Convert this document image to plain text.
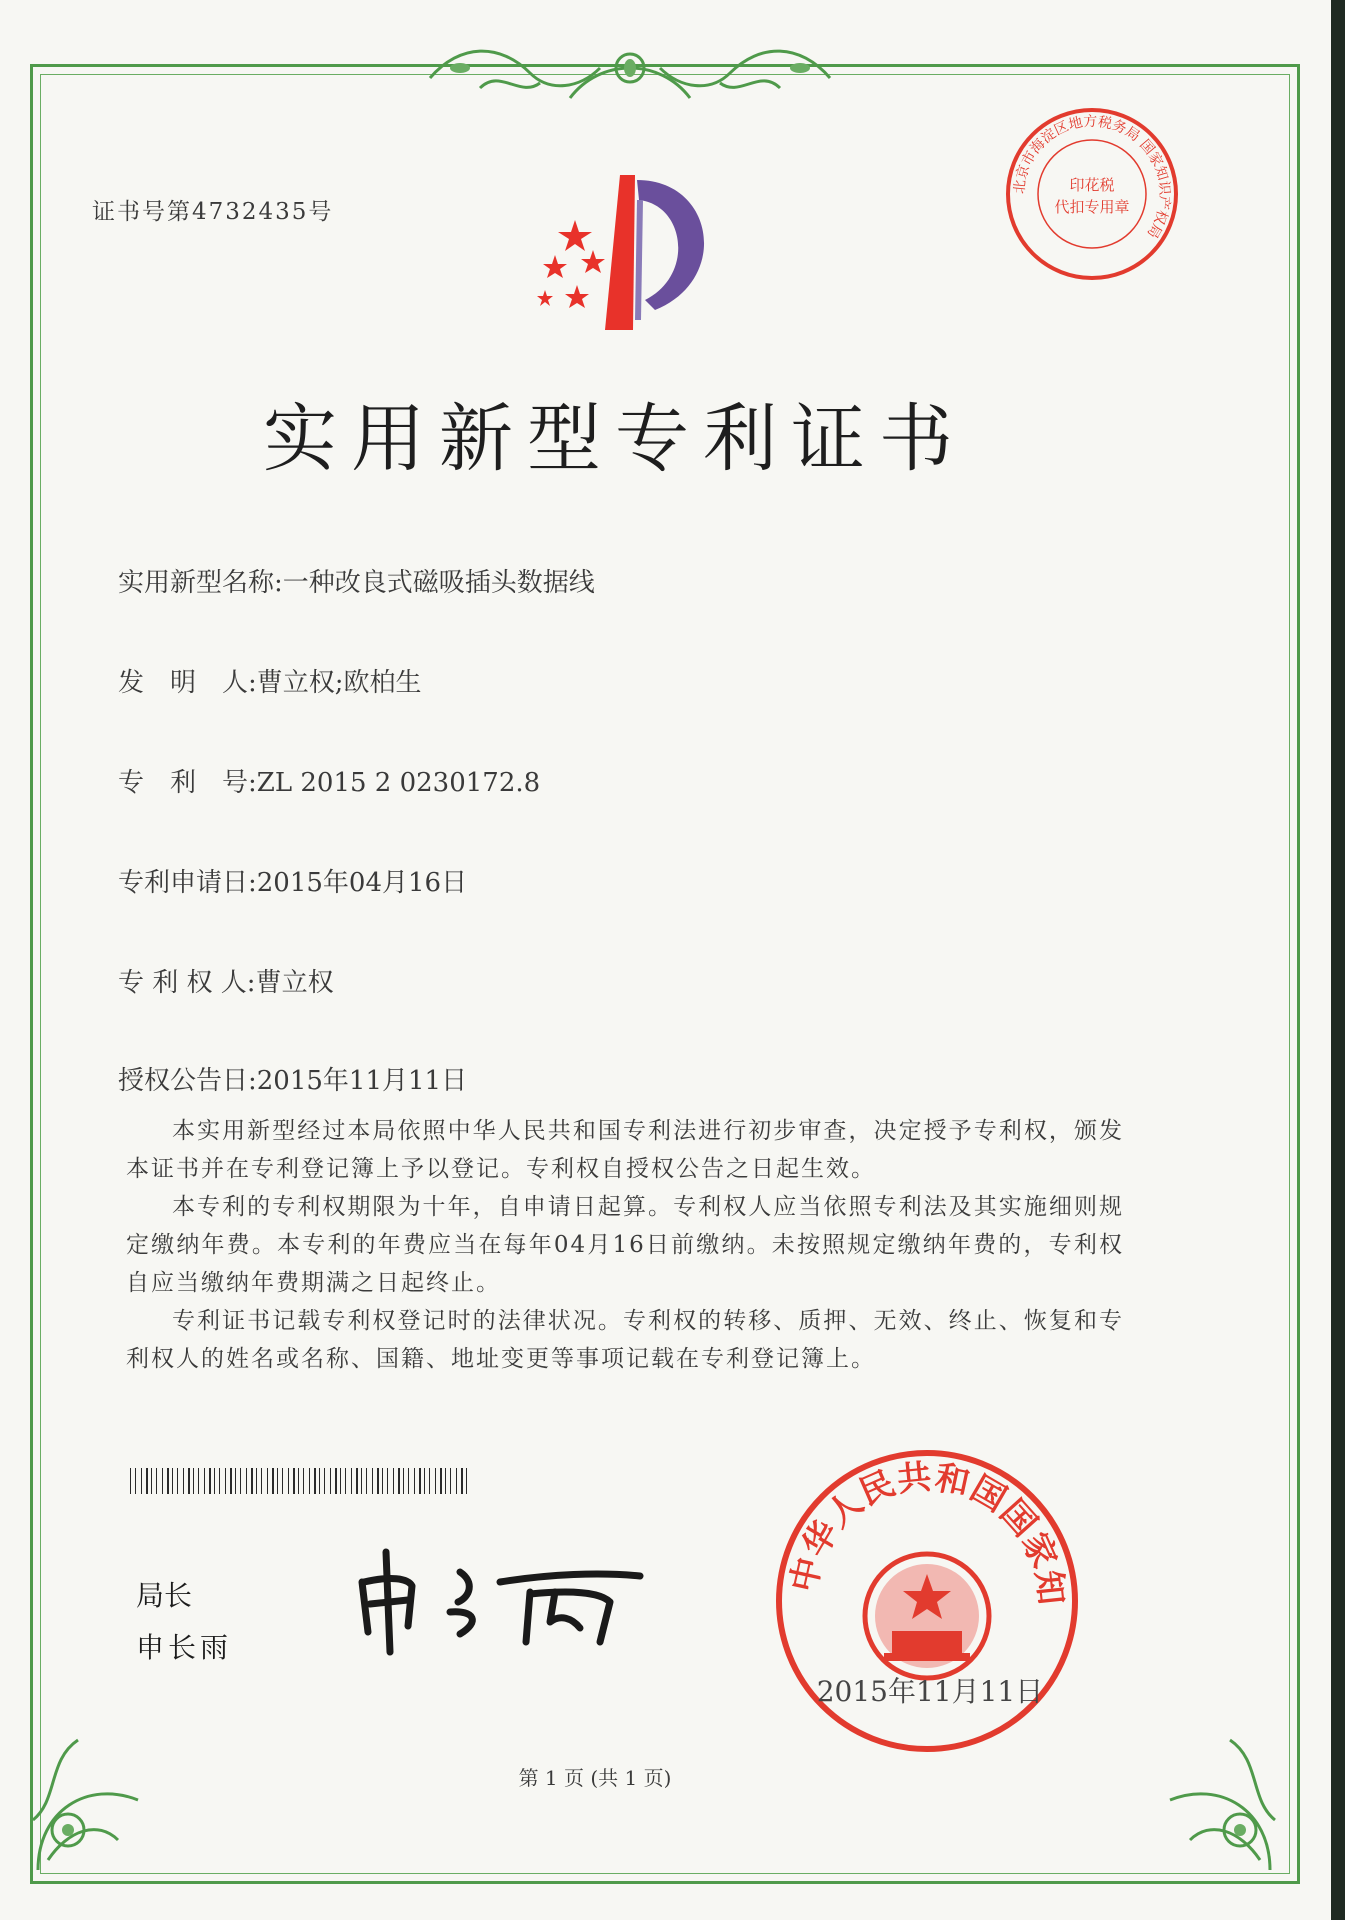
证书号第4732435号
北京市海淀区地方税务局 国家知识产权局
印花税
代扣专用章
实用新型专利证书
实用新型名称:一种改良式磁吸插头数据线
发　明　人:曹立权;欧柏生
专　利　号:ZL 2015 2 0230172.8
专利申请日:2015年04月16日
专 利 权 人:曹立权
授权公告日:2015年11月11日

本实用新型经过本局依照中华人民共和国专利法进行初步审查，决定授予专利权，颁发本证书并在专利登记簿上予以登记。专利权自授权公告之日起生效。

本专利的专利权期限为十年，自申请日起算。专利权人应当依照专利法及其实施细则规定缴纳年费。本专利的年费应当在每年04月16日前缴纳。未按照规定缴纳年费的，专利权自应当缴纳年费期满之日起终止。

专利证书记载专利权登记时的法律状况。专利权的转移、质押、无效、终止、恢复和专利权人的姓名或名称、国籍、地址变更等事项记载在专利登记簿上。

局长
申长雨
中华人民共和国国家知
2015年11月11日
第 1 页 (共 1 页)
